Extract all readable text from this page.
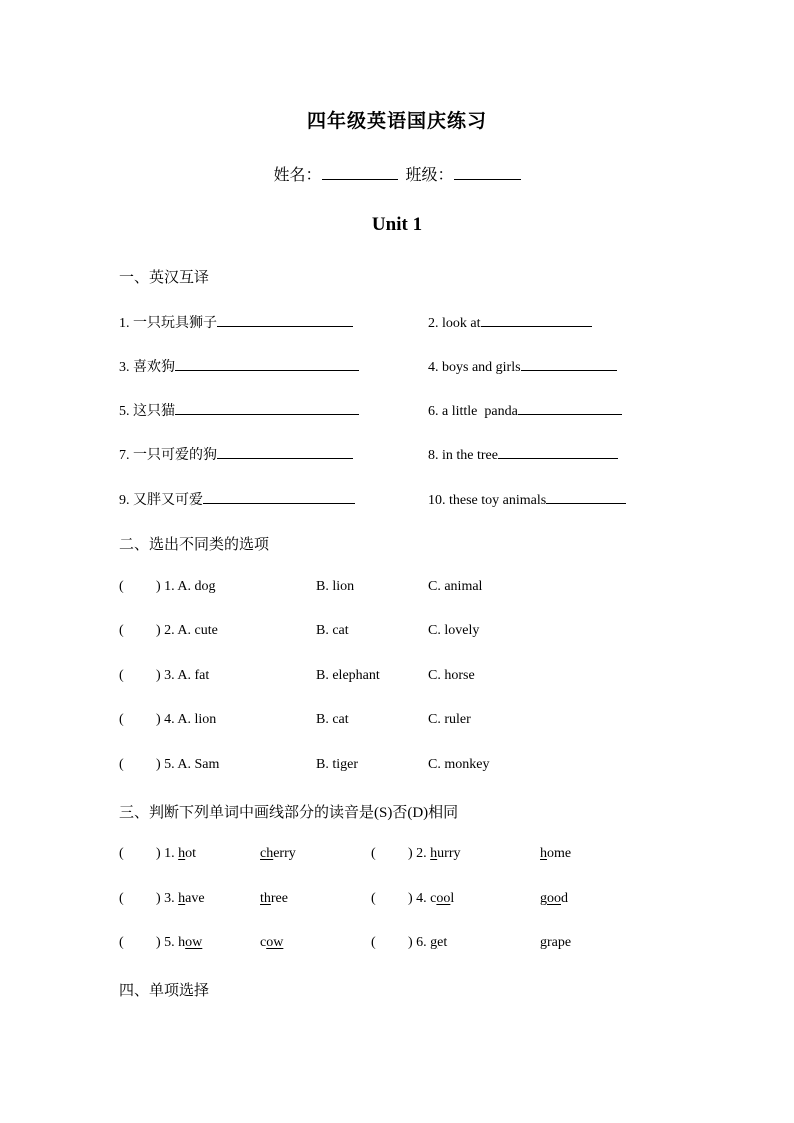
四年级英语国庆练习
姓名：	班级：
Unit 1
一、英汉互译
1. 一只玩具狮子	2. look at
3. 喜欢狗	4. boys and girls
5. 这只猫	6. a little  panda
7. 一只可爱的狗	8. in the tree
9. 又胖又可爱	10. these toy animals
二、选出不同类的选项
( ) 1. A. dog	B. lion	C. animal
( ) 2. A. cute	B. cat	C. lovely
( ) 3. A. fat	B. elephant	C. horse
( ) 4. A. lion	B. cat	C. ruler
( ) 5. A. Sam	B. tiger	C. monkey
三、判断下列单词中画线部分的读音是(S)否(D)相同
( ) 1. hot	cherry	( ) 2. hurry	home
( ) 3. have	three	( ) 4. cool	good
( ) 5. how	cow	( ) 6. get	grape
四、单项选择
